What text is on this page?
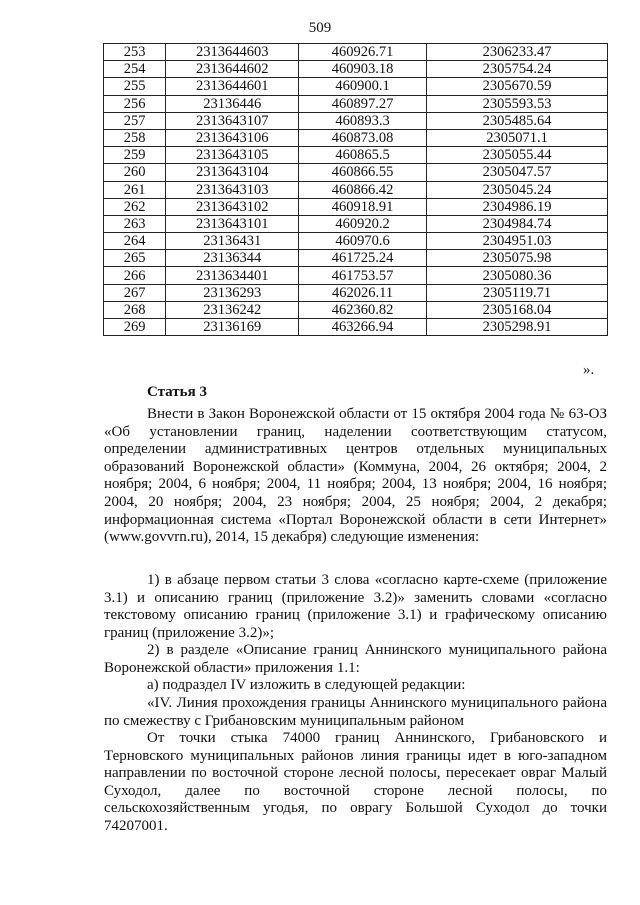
509
253	2313644603	460926.71	2306233.47
254	2313644602	460903.18	2305754.24
255	2313644601	460900.1	2305670.59
256	23136446	460897.27	2305593.53
257	2313643107	460893.3	2305485.64
258	2313643106	460873.08	2305071.1
259	2313643105	460865.5	2305055.44
260	2313643104	460866.55	2305047.57
261	2313643103	460866.42	2305045.24
262	2313643102	460918.91	2304986.19
263	2313643101	460920.2	2304984.74
264	23136431	460970.6	2304951.03
265	23136344	461725.24	2305075.98
266	2313634401	461753.57	2305080.36
267	23136293	462026.11	2305119.71
268	23136242	462360.82	2305168.04
269	23136169	463266.94	2305298.91
».
Статья 3
Внести в Закон Воронежской области от 15 октября 2004 года № 63-ОЗ «Об установлении границ, наделении соответствующим статусом, определении административных центров отдельных муниципальных образований Воронежской области» (Коммуна, 2004, 26 октября; 2004, 2 ноября; 2004, 6 ноября; 2004, 11 ноября; 2004, 13 ноября; 2004, 16 ноября; 2004, 20 ноября; 2004, 23 ноября; 2004, 25 ноября; 2004, 2 декабря; информационная система «Портал Воронежской области в сети Интернет» (www.govvrn.ru), 2014, 15 декабря) следующие изменения:
1) в абзаце первом статьи 3 слова «согласно карте-схеме (приложение 3.1) и описанию границ (приложение 3.2)» заменить словами «согласно текстовому описанию границ (приложение 3.1) и графическому описанию границ (приложение 3.2)»;
2) в разделе «Описание границ Аннинского муниципального района Воронежской области» приложения 1.1:
а) подраздел IV изложить в следующей редакции:
«IV. Линия прохождения границы Аннинского муниципального района по смежеству с Грибановским муниципальным районом
От точки стыка 74000 границ Аннинского, Грибановского и Терновского муниципальных районов линия границы идет в юго-западном направлении по восточной стороне лесной полосы, пересекает овраг Малый Суходол, далее по восточной стороне лесной полосы, по сельскохозяйственным угодья, по оврагу Большой Суходол до точки 74207001.
